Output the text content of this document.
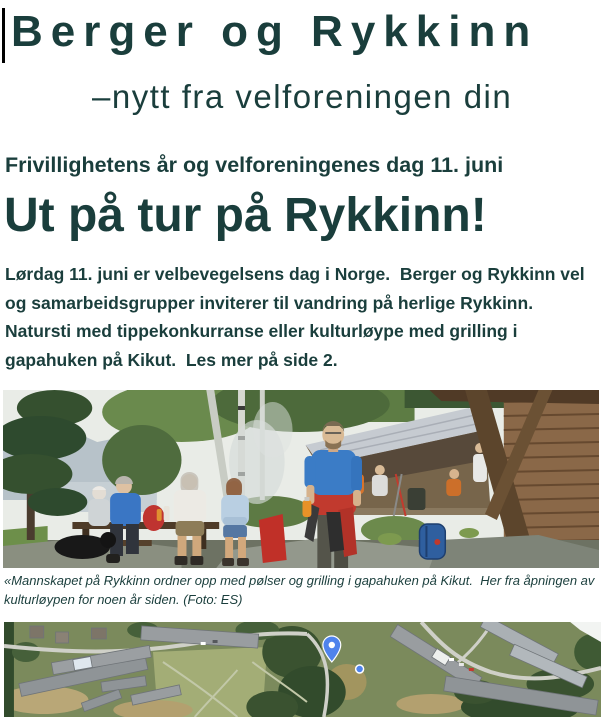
Berger og Rykkinn
–nytt fra velforeningen din
Frivillighetens år og velforeningenes dag 11. juni
Ut på tur på Rykkinn!

Lørdag 11. juni er velbevegelsens dag i Norge.  Berger og Rykkinn vel og samarbeidsgrupper inviterer til vandring på herlige Rykkinn. Natursti med tippekonkurranse eller kulturløype med grilling i gapahuken på Kikut.  Les mer på side 2.

«Mannskapet på Rykkinn ordner opp med pølser og grilling i gapahuken på Kikut.  Her fra åpningen av kulturløypen for noen år siden. (Foto: ES)
